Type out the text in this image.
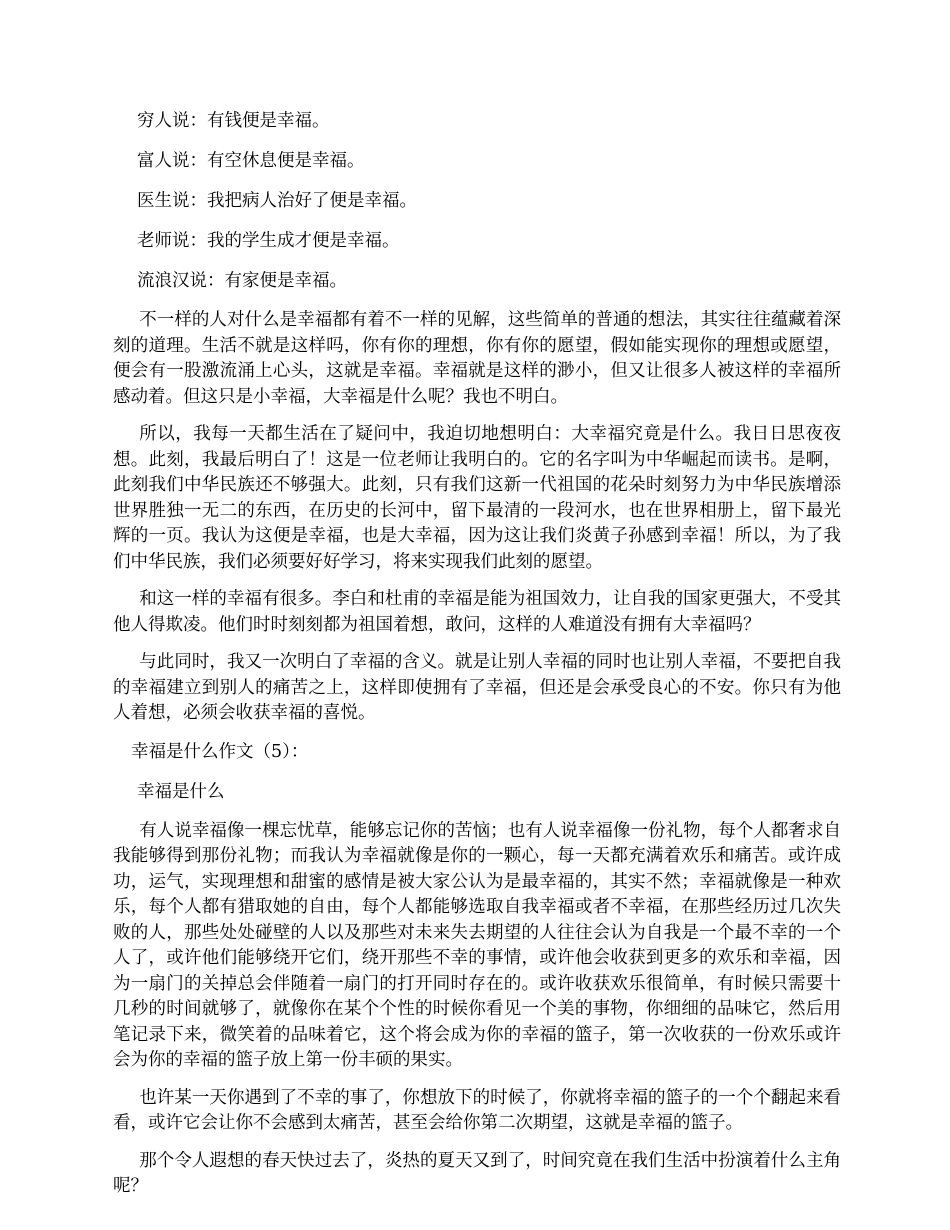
穷人说：有钱便是幸福。

富人说：有空休息便是幸福。

医生说：我把病人治好了便是幸福。

老师说：我的学生成才便是幸福。

流浪汉说：有家便是幸福。

不一样的人对什么是幸福都有着不一样的见解，这些简单的普通的想法，其实往往蕴藏着深刻的道理。生活不就是这样吗，你有你的理想，你有你的愿望，假如能实现你的理想或愿望，便会有一股激流涌上心头，这就是幸福。幸福就是这样的渺小，但又让很多人被这样的幸福所感动着。但这只是小幸福，大幸福是什么呢？我也不明白。

所以，我每一天都生活在了疑问中，我迫切地想明白：大幸福究竟是什么。我日日思夜夜想。此刻，我最后明白了！这是一位老师让我明白的。它的名字叫为中华崛起而读书。是啊，此刻我们中华民族还不够强大。此刻，只有我们这新一代祖国的花朵时刻努力为中华民族增添世界胜独一无二的东西，在历史的长河中，留下最清的一段河水，也在世界相册上，留下最光辉的一页。我认为这便是幸福，也是大幸福，因为这让我们炎黄子孙感到幸福！所以，为了我们中华民族，我们必须要好好学习，将来实现我们此刻的愿望。

和这一样的幸福有很多。李白和杜甫的幸福是能为祖国效力，让自我的国家更强大，不受其他人得欺凌。他们时时刻刻都为祖国着想，敢问，这样的人难道没有拥有大幸福吗？

与此同时，我又一次明白了幸福的含义。就是让别人幸福的同时也让别人幸福，不要把自我的幸福建立到别人的痛苦之上，这样即使拥有了幸福，但还是会承受良心的不安。你只有为他人着想，必须会收获幸福的喜悦。

幸福是什么作文（5）：

幸福是什么

有人说幸福像一棵忘忧草，能够忘记你的苦恼；也有人说幸福像一份礼物，每个人都奢求自我能够得到那份礼物；而我认为幸福就像是你的一颗心，每一天都充满着欢乐和痛苦。或许成功，运气，实现理想和甜蜜的感情是被大家公认为是最幸福的，其实不然；幸福就像是一种欢乐，每个人都有猎取她的自由，每个人都能够选取自我幸福或者不幸福，在那些经历过几次失败的人，那些处处碰壁的人以及那些对未来失去期望的人往往会认为自我是一个最不幸的一个人了，或许他们能够绕开它们，绕开那些不幸的事情，或许他会收获到更多的欢乐和幸福，因为一扇门的关掉总会伴随着一扇门的打开同时存在的。或许收获欢乐很简单，有时候只需要十几秒的时间就够了，就像你在某个个性的时候你看见一个美的事物，你细细的品味它，然后用笔记录下来，微笑着的品味着它，这个将会成为你的幸福的篮子，第一次收获的一份欢乐或许会为你的幸福的篮子放上第一份丰硕的果实。

也许某一天你遇到了不幸的事了，你想放下的时候了，你就将幸福的篮子的一个个翻起来看看，或许它会让你不会感到太痛苦，甚至会给你第二次期望，这就是幸福的篮子。

那个令人遐想的春天快过去了，炎热的夏天又到了，时间究竟在我们生活中扮演着什么主角呢？
